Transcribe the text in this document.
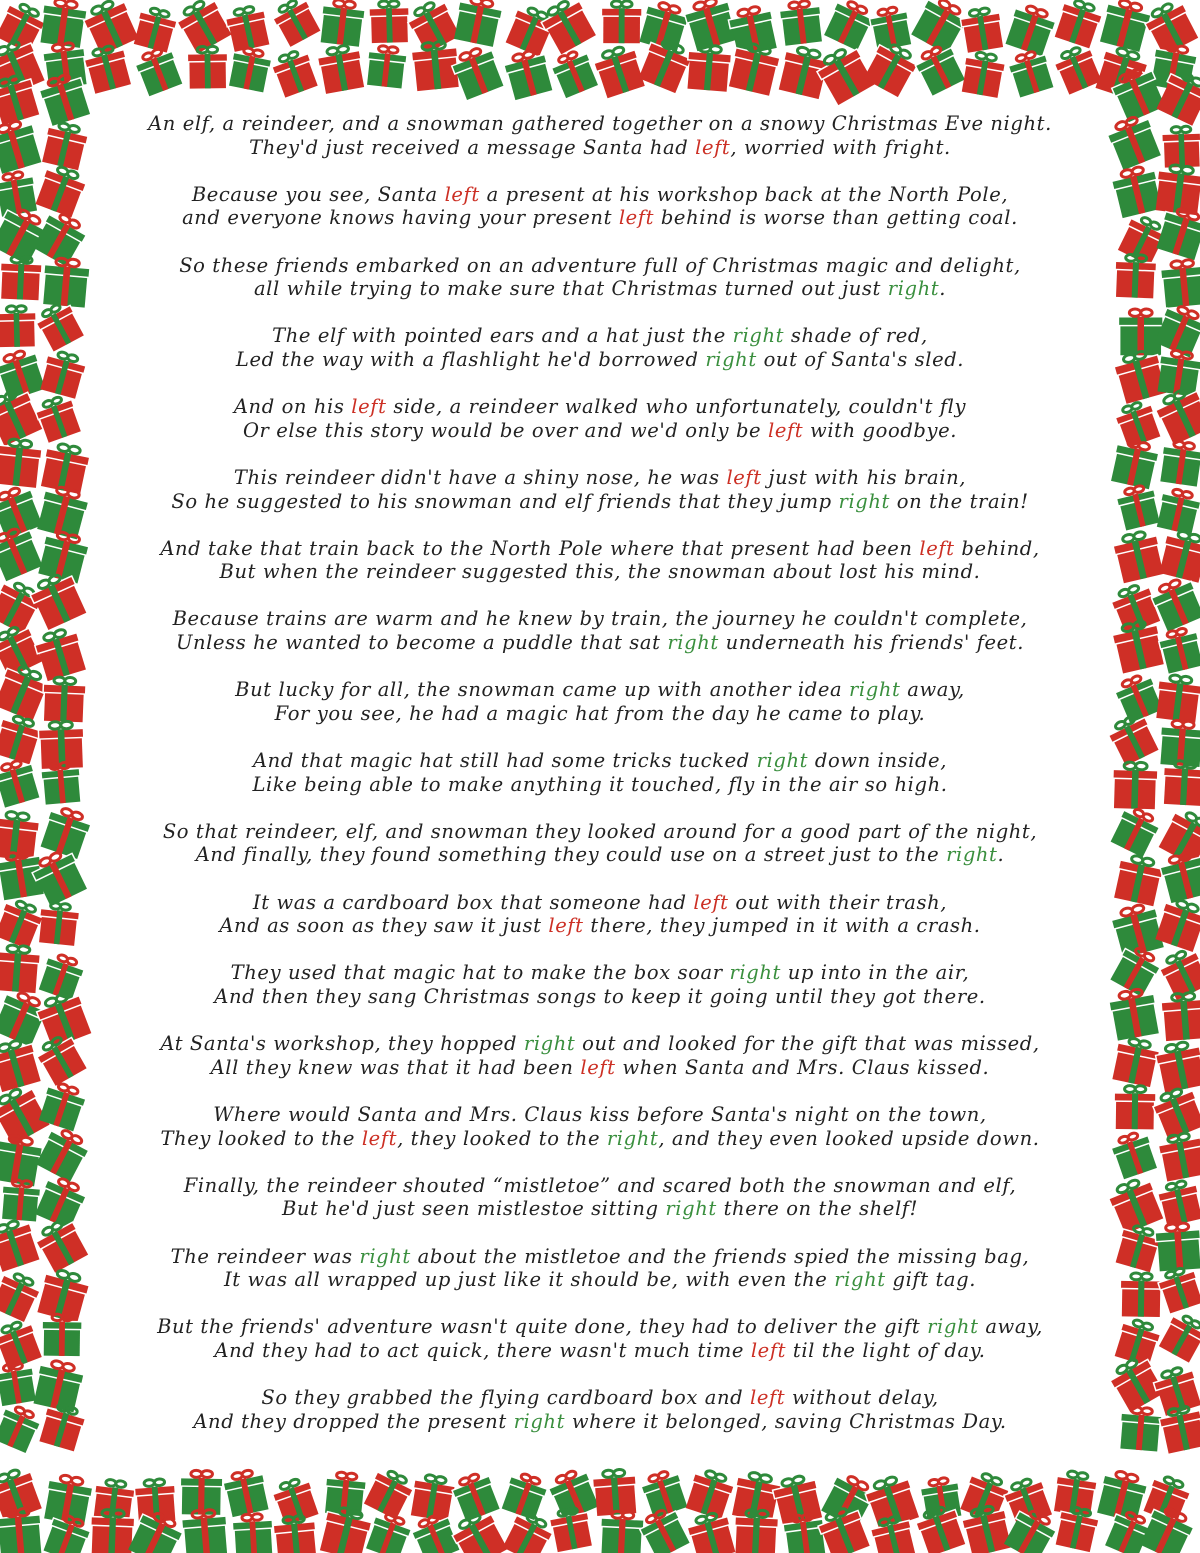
An elf, a reindeer, and a snowman gathered together on a snowy Christmas Eve night.
They'd just received a message Santa had left, worried with fright.
Because you see, Santa left a present at his workshop back at the North Pole,
and everyone knows having your present left behind is worse than getting coal.
So these friends embarked on an adventure full of Christmas magic and delight,
all while trying to make sure that Christmas turned out just right.
The elf with pointed ears and a hat just the right shade of red,
Led the way with a flashlight he'd borrowed right out of Santa's sled.
And on his left side, a reindeer walked who unfortunately, couldn't fly
Or else this story would be over and we'd only be left with goodbye.
This reindeer didn't have a shiny nose, he was left just with his brain,
So he suggested to his snowman and elf friends that they jump right on the train!
And take that train back to the North Pole where that present had been left behind,
But when the reindeer suggested this, the snowman about lost his mind.
Because trains are warm and he knew by train, the journey he couldn't complete,
Unless he wanted to become a puddle that sat right underneath his friends' feet.
But lucky for all, the snowman came up with another idea right away,
For you see, he had a magic hat from the day he came to play.
And that magic hat still had some tricks tucked right down inside,
Like being able to make anything it touched, fly in the air so high.
So that reindeer, elf, and snowman they looked around for a good part of the night,
And finally, they found something they could use on a street just to the right.
It was a cardboard box that someone had left out with their trash,
And as soon as they saw it just left there, they jumped in it with a crash.
They used that magic hat to make the box soar right up into in the air,
And then they sang Christmas songs to keep it going until they got there.
At Santa's workshop, they hopped right out and looked for the gift that was missed,
All they knew was that it had been left when Santa and Mrs. Claus kissed.
Where would Santa and Mrs. Claus kiss before Santa's night on the town,
They looked to the left, they looked to the right, and they even looked upside down.
Finally, the reindeer shouted “mistletoe” and scared both the snowman and elf,
But he'd just seen mistlestoe sitting right there on the shelf!
The reindeer was right about the mistletoe and the friends spied the missing bag,
It was all wrapped up just like it should be, with even the right gift tag.
But the friends' adventure wasn't quite done, they had to deliver the gift right away,
And they had to act quick, there wasn't much time left til the light of day.
So they grabbed the flying cardboard box and left without delay,
And they dropped the present right where it belonged, saving Christmas Day.
